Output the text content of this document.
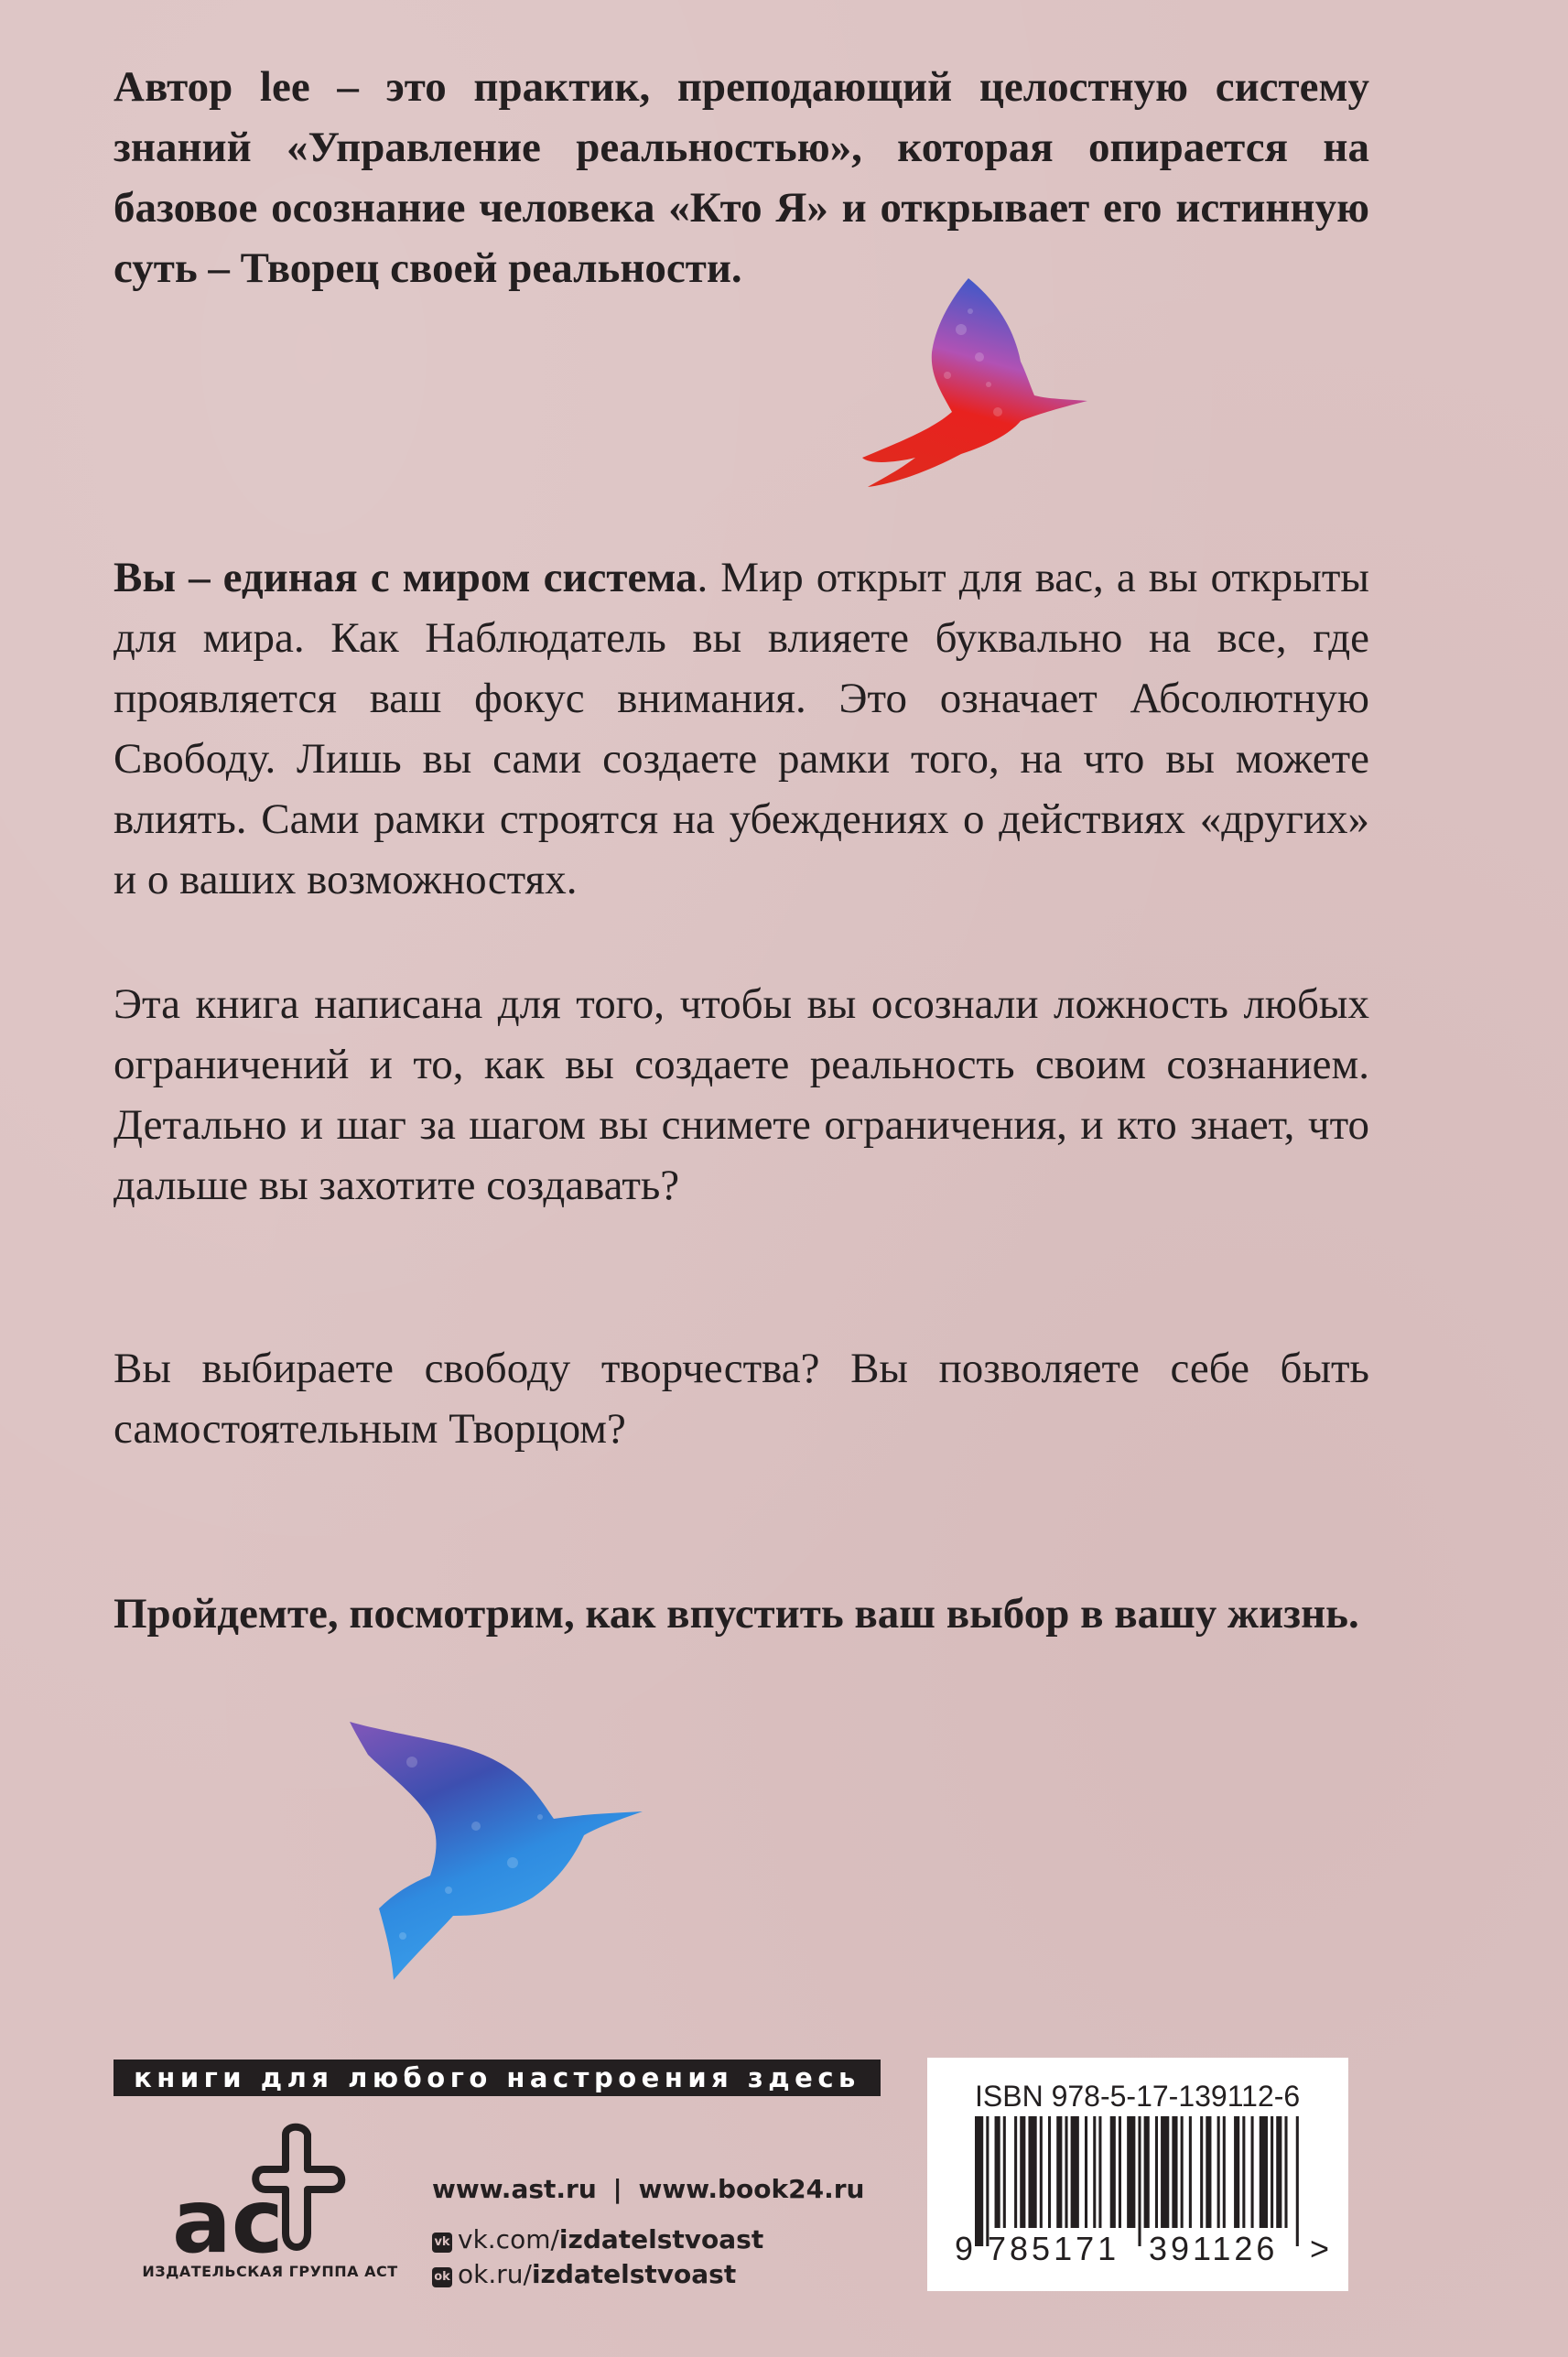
Автор lee – это практик, преподающий целостную систему знаний «Управление реальностью», которая опирается на базовое осознание человека «Кто Я» и открывает его истинную суть – Творец своей реальности.

Вы – единая с миром система. Мир открыт для вас, а вы открыты для мира. Как Наблюдатель вы влияете буквально на все, где проявляется ваш фокус внимания. Это означает Абсолютную Свободу. Лишь вы сами создаете рамки того, на что вы можете влиять. Сами рамки строятся на убеждениях о действиях «других» и о ваших возможностях.

Эта книга написана для того, чтобы вы осознали ложность любых ограничений и то, как вы создаете реальность своим сознанием. Детально и шаг за шагом вы снимете ограничения, и кто знает, что дальше вы захотите создавать?

Вы выбираете свободу творчества? Вы позволяете себе быть самостоятельным Творцом?

Пройдемте, посмотрим, как впустить ваш выбор в вашу жизнь.

книги для любого настроения здесь
ac
ИЗДАТЕЛЬСКАЯ ГРУППА АСТ
www.ast.ru | www.book24.ru
vk vk.com/izdatelstvoast
ok ok.ru/izdatelstvoast
ISBN 978-5-17-139112-6
9 785171 391126 >
